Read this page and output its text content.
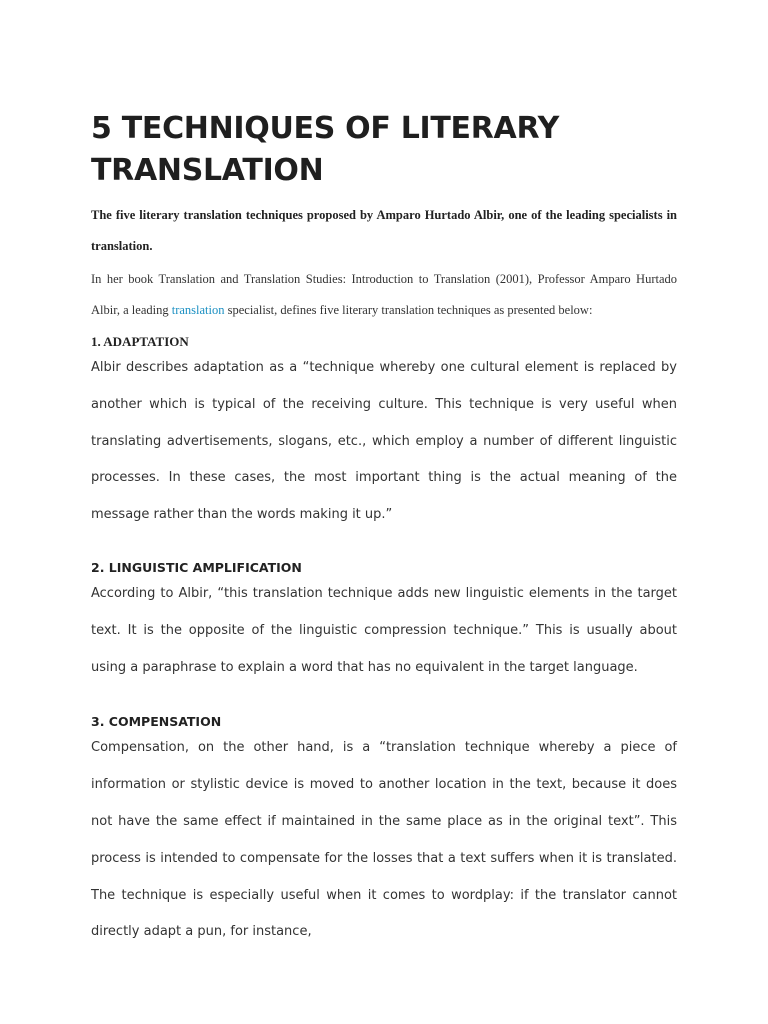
5 TECHNIQUES OF LITERARY TRANSLATION

The five literary translation techniques proposed by Amparo Hurtado Albir, one of the leading specialists in translation.

In her book Translation and Translation Studies: Introduction to Translation (2001), Professor Amparo Hurtado Albir, a leading translation specialist, defines five literary translation techniques as presented below:

1. ADAPTATION

Albir describes adaptation as a “technique whereby one cultural element is replaced by another which is typical of the receiving culture. This technique is very useful when translating advertisements, slogans, etc., which employ a number of different linguistic processes. In these cases, the most important thing is the actual meaning of the message rather than the words making it up.”

2. LINGUISTIC AMPLIFICATION

According to Albir, “this translation technique adds new linguistic elements in the target text. It is the opposite of the linguistic compression technique.” This is usually about using a paraphrase to explain a word that has no equivalent in the target language.

3. COMPENSATION

Compensation, on the other hand, is a “translation technique whereby a piece of information or stylistic device is moved to another location in the text, because it does not have the same effect if maintained in the same place as in the original text”. This process is intended to compensate for the losses that a text suffers when it is translated. The technique is especially useful when it comes to wordplay: if the translator cannot directly adapt a pun, for instance,
